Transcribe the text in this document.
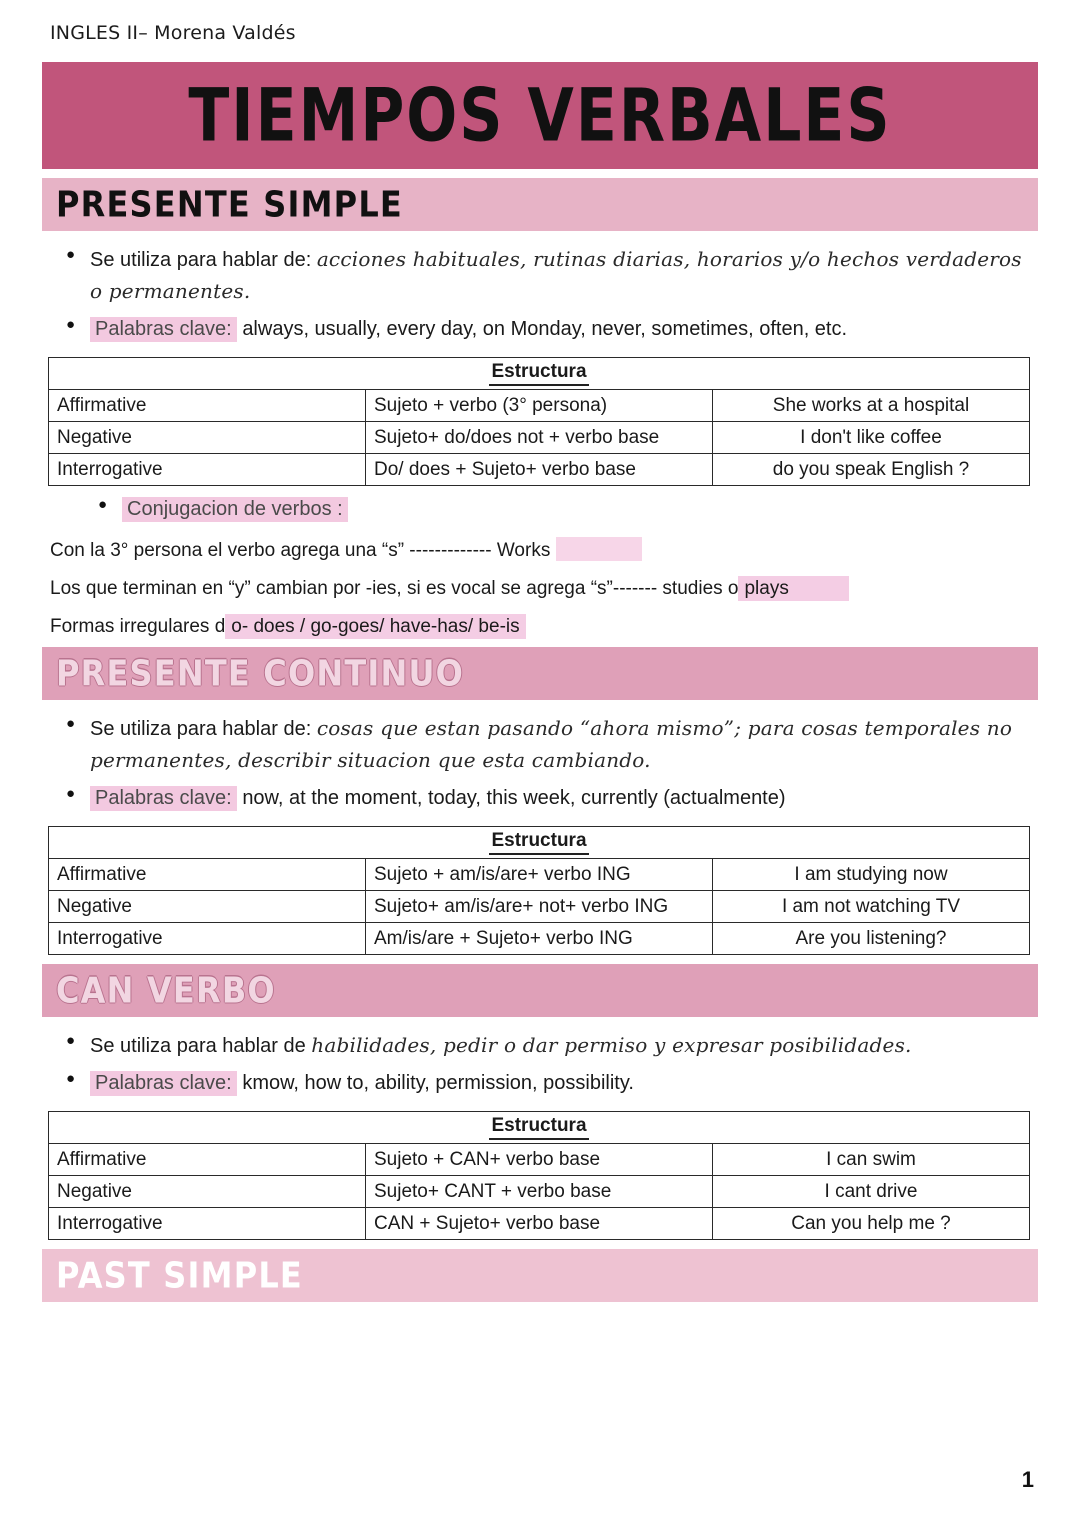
INGLES II– Morena Valdés
TIEMPOS VERBALES
PRESENTE SIMPLE
● Se utiliza para hablar de: acciones habituales, rutinas diarias, horarios y/o hechos verdaderos o permanentes.
● Palabras clave: always, usually, every day, on Monday, never, sometimes, often, etc.
	Estructura	
Affirmative	Sujeto + verbo (3° persona)	She works at a hospital
Negative	Sujeto+ do/does not + verbo base	I don't like coffee
Interrogative	Do/ does + Sujeto+ verbo base	do you speak English ?
● Conjugacion de verbos :
Con la 3° persona el verbo agrega una “s” ------------- Works
Los que terminan en “y” cambian por -ies, si es vocal se agrega “s”------- studies o plays
Formas irregulares d o- does / go-goes/ have-has/ be-is
PRESENTE CONTINUO
● Se utiliza para hablar de: cosas que estan pasando “ahora mismo”; para cosas temporales no permanentes, describir situacion que esta cambiando.
● Palabras clave: now, at the moment, today, this week, currently (actualmente)
	Estructura	
Affirmative	Sujeto + am/is/are+ verbo ING	I am studying now
Negative	Sujeto+ am/is/are+ not+ verbo ING	I am not watching TV
Interrogative	Am/is/are + Sujeto+ verbo ING	Are you listening?
CAN VERBO
● Se utiliza para hablar de habilidades, pedir o dar permiso y expresar posibilidades.
● Palabras clave: kmow, how to, ability, permission, possibility.
	Estructura	
Affirmative	Sujeto + CAN+ verbo base	I can swim
Negative	Sujeto+ CANT + verbo base	I cant drive
Interrogative	CAN + Sujeto+ verbo base	Can you help me ?
PAST SIMPLE
1
